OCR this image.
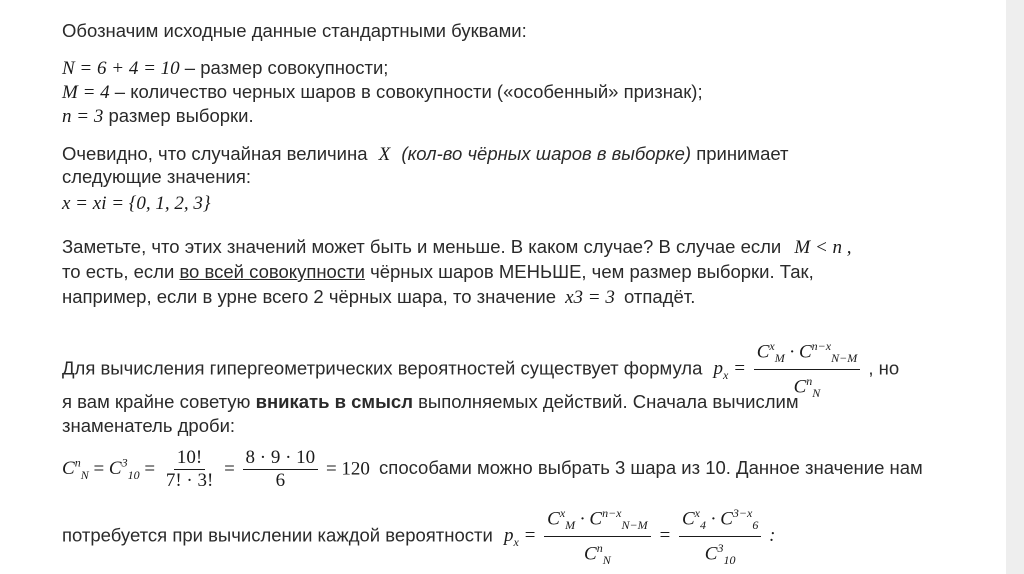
Обозначим исходные данные стандартными буквами:
N = 6 + 4 = 10 – размер совокупности;
M = 4 – количество черных шаров в совокупности («особенный» признак);
n = 3 размер выборки.
Очевидно, что случайная величина X (кол-во чёрных шаров в выборке) принимает
следующие значения:
x = xi = {0, 1, 2, 3}
Заметьте, что этих значений может быть и меньше. В каком случае? В случае если M < n ,
то есть, если во всей совокупности чёрных шаров МЕНЬШЕ, чем размер выборки. Так,
например, если в урне всего 2 чёрных шара, то значение x3 = 3 отпадёт.
Для вычисления гипергеометрических вероятностей существует формула $p_x = \frac{C^x_M \cdot C^{n-x}_{N-M}}{C^n_N}$ , но
я вам крайне советую вникать в смысл выполняемых действий. Сначала вычислим
знаменатель дроби:
$C^n_N = C^3_{10} = \frac{10!}{7! \cdot 3!} = \frac{8 \cdot 9 \cdot 10}{6} = 120$ способами можно выбрать 3 шара из 10. Данное значение нам
потребуется при вычислении каждой вероятности $p_x = \frac{C^x_M \cdot C^{n-x}_{N-M}}{C^n_N} = \frac{C^x_4 \cdot C^{3-x}_6}{C^3_{10}}$ :
